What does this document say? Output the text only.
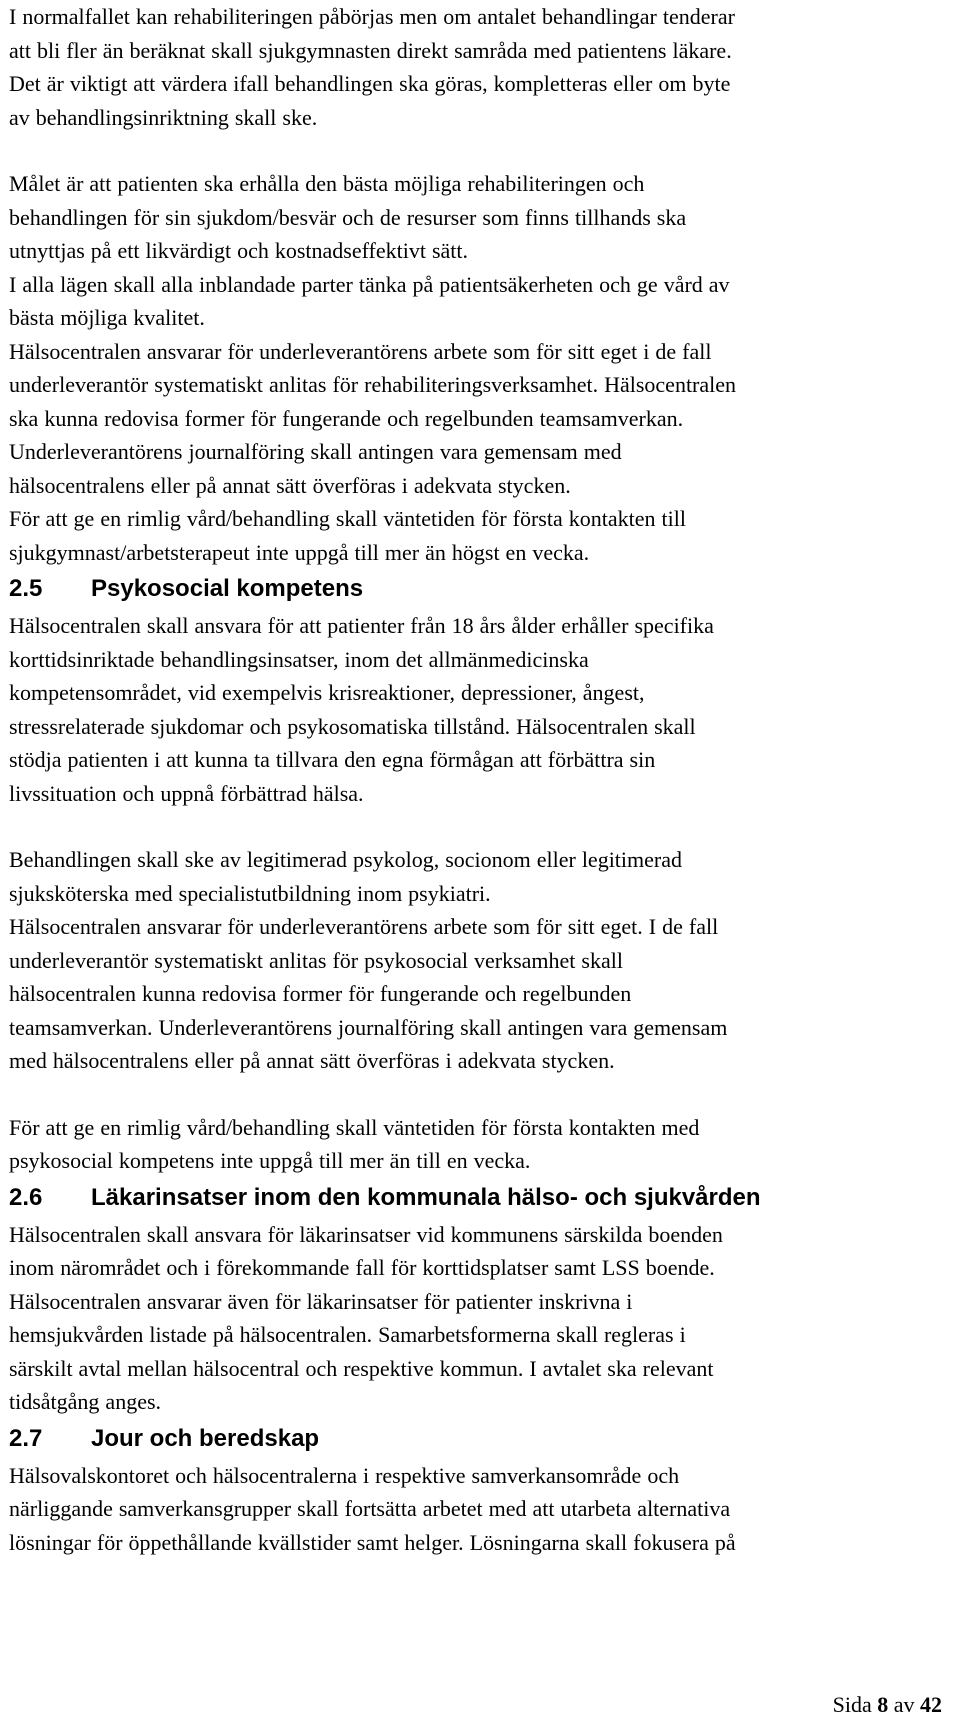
I normalfallet kan rehabiliteringen påbörjas men om antalet behandlingar tenderar
att bli fler än beräknat skall sjukgymnasten direkt samråda med patientens läkare.
Det är viktigt att värdera ifall behandlingen ska göras, kompletteras eller om byte
av behandlingsinriktning skall ske.

Målet är att patienten ska erhålla den bästa möjliga rehabiliteringen och
behandlingen för sin sjukdom/besvär och de resurser som finns tillhands ska
utnyttjas på ett likvärdigt och kostnadseffektivt sätt.

I alla lägen skall alla inblandade parter tänka på patientsäkerheten och ge vård av
bästa möjliga kvalitet.

Hälsocentralen ansvarar för underleverantörens arbete som för sitt eget i de fall
underleverantör systematiskt anlitas för rehabiliteringsverksamhet. Hälsocentralen
ska kunna redovisa former för fungerande och regelbunden teamsamverkan.
Underleverantörens journalföring skall antingen vara gemensam med
hälsocentralens eller på annat sätt överföras i adekvata stycken.

För att ge en rimlig vård/behandling skall väntetiden för första kontakten till
sjukgymnast/arbetsterapeut inte uppgå till mer än högst en vecka.

2.5 Psykosocial kompetens

Hälsocentralen skall ansvara för att patienter från 18 års ålder erhåller specifika
korttidsinriktade behandlingsinsatser, inom det allmänmedicinska
kompetensområdet, vid exempelvis krisreaktioner, depressioner, ångest,
stressrelaterade sjukdomar och psykosomatiska tillstånd. Hälsocentralen skall
stödja patienten i att kunna ta tillvara den egna förmågan att förbättra sin
livssituation och uppnå förbättrad hälsa.

Behandlingen skall ske av legitimerad psykolog, socionom eller legitimerad
sjuksköterska med specialistutbildning inom psykiatri.

Hälsocentralen ansvarar för underleverantörens arbete som för sitt eget. I de fall
underleverantör systematiskt anlitas för psykosocial verksamhet skall
hälsocentralen kunna redovisa former för fungerande och regelbunden
teamsamverkan. Underleverantörens journalföring skall antingen vara gemensam
med hälsocentralens eller på annat sätt överföras i adekvata stycken.

För att ge en rimlig vård/behandling skall väntetiden för första kontakten med
psykosocial kompetens inte uppgå till mer än till en vecka.

2.6 Läkarinsatser inom den kommunala hälso- och sjukvården

Hälsocentralen skall ansvara för läkarinsatser vid kommunens särskilda boenden
inom närområdet och i förekommande fall för korttidsplatser samt LSS boende.
Hälsocentralen ansvarar även för läkarinsatser för patienter inskrivna i
hemsjukvården listade på hälsocentralen. Samarbetsformerna skall regleras i
särskilt avtal mellan hälsocentral och respektive kommun. I avtalet ska relevant
tidsåtgång anges.

2.7 Jour och beredskap

Hälsovalskontoret och hälsocentralerna i respektive samverkansområde och
närliggande samverkansgrupper skall fortsätta arbetet med att utarbeta alternativa
lösningar för öppethållande kvällstider samt helger. Lösningarna skall fokusera på

Sida 8 av 42
